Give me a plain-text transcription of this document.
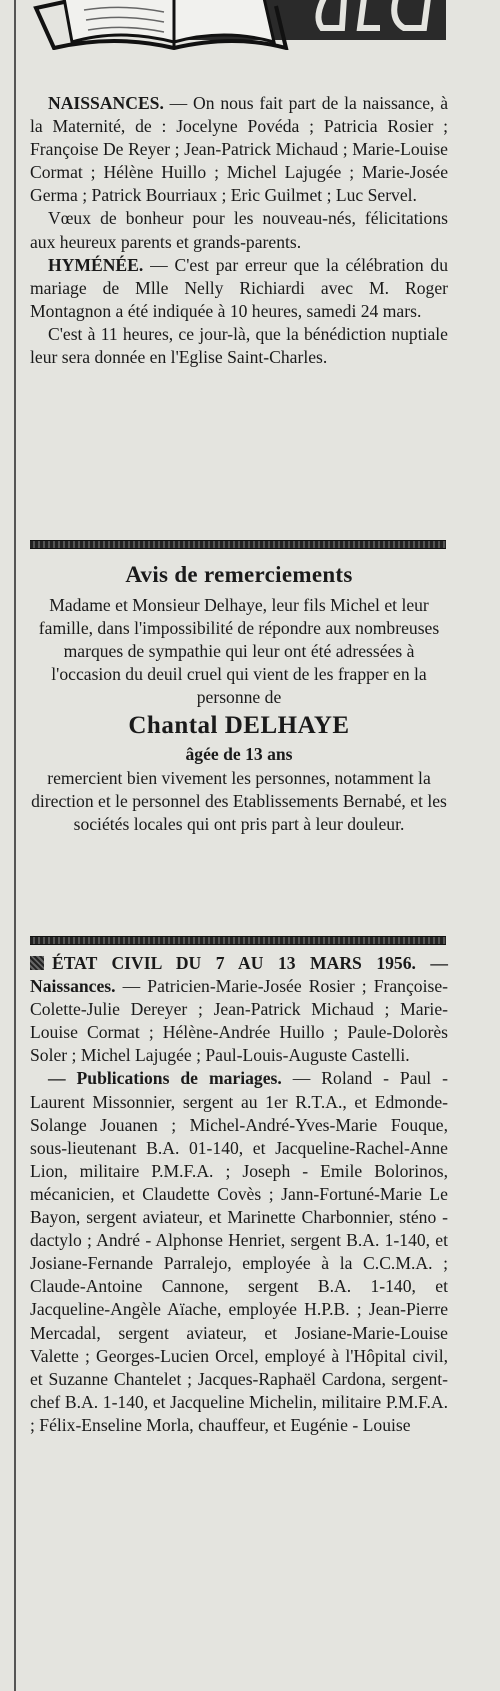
NAISSANCES. — On nous fait part de la naissance, à la Maternité, de : Jocelyne Povéda ; Patricia Rosier ; Françoise De Reyer ; Jean-Patrick Michaud ; Marie-Louise Cormat ; Hélène Huillo ; Michel Lajugée ; Marie-Josée Germa ; Patrick Bourriaux ; Eric Guilmet ; Luc Servel.

Vœux de bonheur pour les nouveau-nés, félicitations aux heureux parents et grands-parents.

HYMÉNÉE. — C'est par erreur que la célébration du mariage de Mlle Nelly Richiardi avec M. Roger Montagnon a été indiquée à 10 heures, samedi 24 mars.

C'est à 11 heures, ce jour-là, que la bénédiction nuptiale leur sera donnée en l'Eglise Saint-Charles.

Avis de remerciements

Madame et Monsieur Delhaye, leur fils Michel et leur famille, dans l'impossibilité de répondre aux nombreuses marques de sympathie qui leur ont été adressées à l'occasion du deuil cruel qui vient de les frapper en la personne de

Chantal DELHAYE

âgée de 13 ans

remercient bien vivement les personnes, notamment la direction et le personnel des Etablissements Bernabé, et les sociétés locales qui ont pris part à leur douleur.

ÉTAT CIVIL DU 7 AU 13 MARS 1956. — Naissances. — Patricien-Marie-Josée Rosier ; Françoise-Colette-Julie Dereyer ; Jean-Patrick Michaud ; Marie-Louise Cormat ; Hélène-Andrée Huillo ; Paule-Dolorès Soler ; Michel Lajugée ; Paul-Louis-Auguste Castelli.

— Publications de mariages. — Roland - Paul - Laurent Missonnier, sergent au 1er R.T.A., et Edmonde-Solange Jouanen ; Michel-André-Yves-Marie Fouque, sous-lieutenant B.A. 01-140, et Jacqueline-Rachel-Anne Lion, militaire P.M.F.A. ; Joseph - Emile Bolorinos, mécanicien, et Claudette Covès ; Jann-Fortuné-Marie Le Bayon, sergent aviateur, et Marinette Charbonnier, sténo - dactylo ; André - Alphonse Henriet, sergent B.A. 1-140, et Josiane-Fernande Parralejo, employée à la C.C.M.A. ; Claude-Antoine Cannone, sergent B.A. 1-140, et Jacqueline-Angèle Aïache, employée H.P.B. ; Jean-Pierre Mercadal, sergent aviateur, et Josiane-Marie-Louise Valette ; Georges-Lucien Orcel, employé à l'Hôpital civil, et Suzanne Chantelet ; Jacques-Raphaël Cardona, sergent-chef B.A. 1-140, et Jacqueline Michelin, militaire P.M.F.A. ; Félix-Enseline Morla, chauffeur, et Eugénie - Louise
